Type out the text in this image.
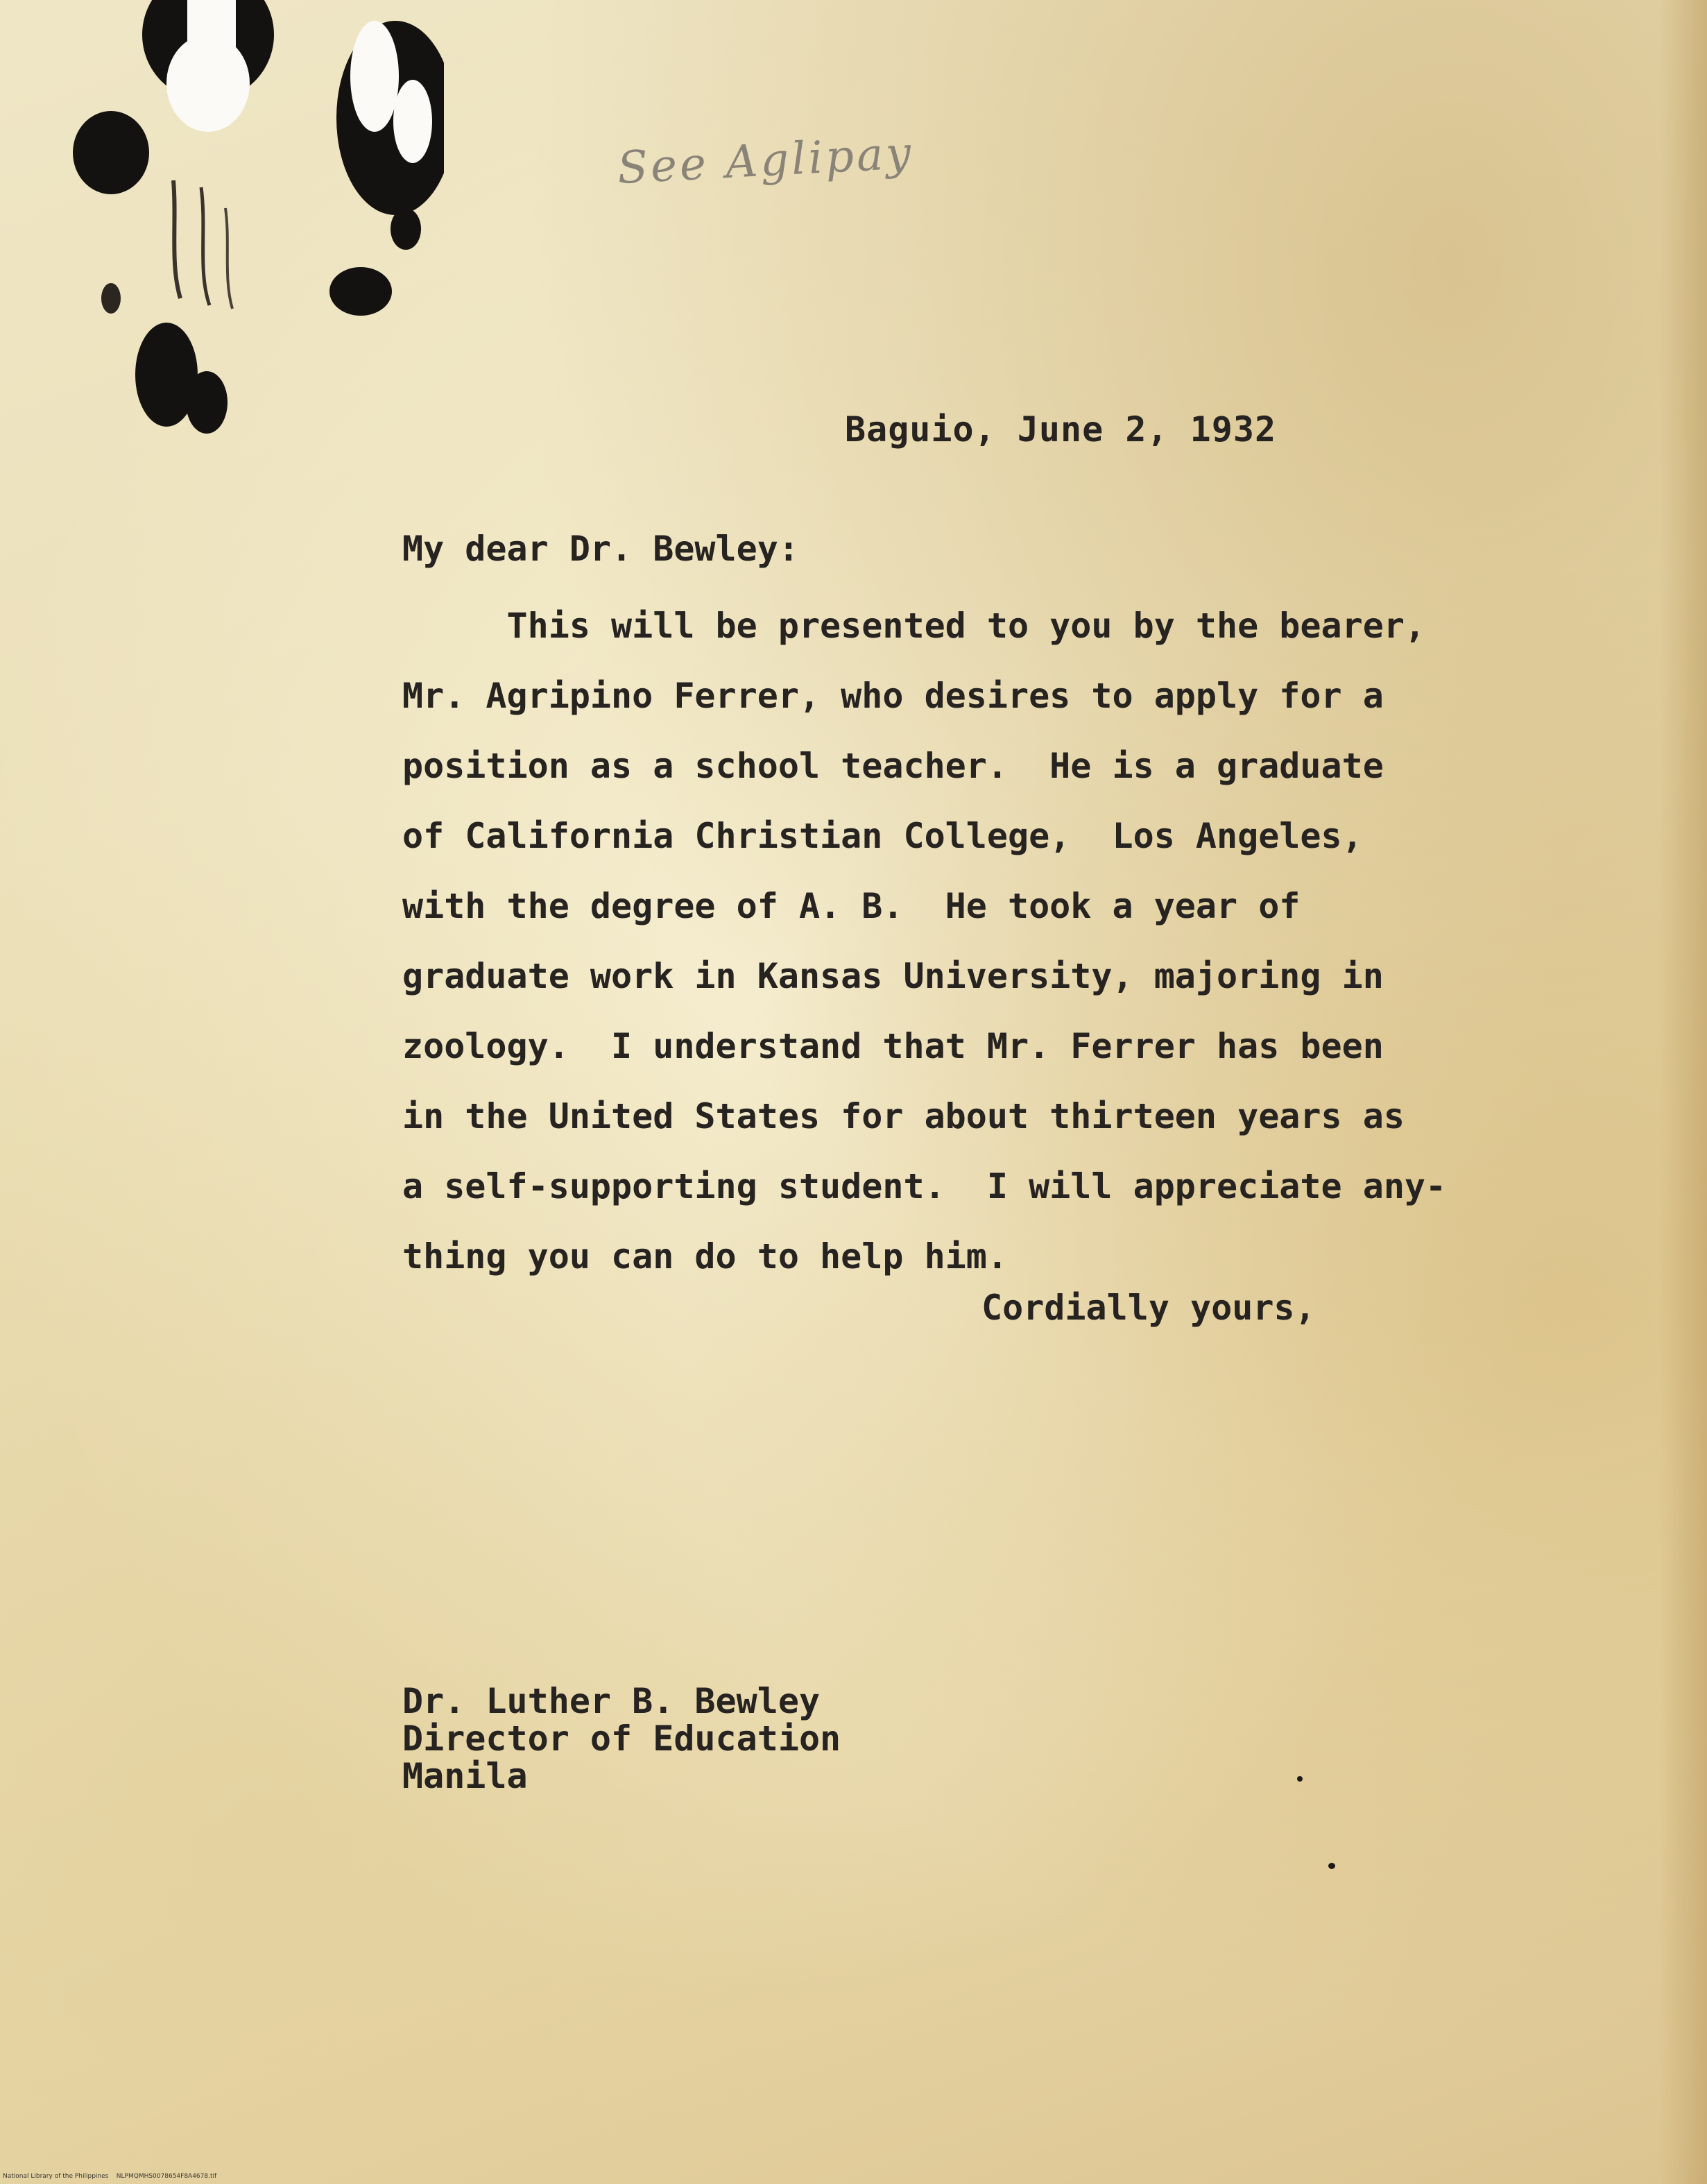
See Aglipay
Baguio, June 2, 1932
My dear Dr. Bewley:
This will be presented to you by the bearer,
Mr. Agripino Ferrer, who desires to apply for a
position as a school teacher.  He is a graduate
of California Christian College,  Los Angeles,
with the degree of A. B.  He took a year of
graduate work in Kansas University, majoring in
zoology.  I understand that Mr. Ferrer has been
in the United States for about thirteen years as
a self-supporting student.  I will appreciate any-
thing you can do to help him.
Cordially yours,
Dr. Luther B. Bewley
Director of Education
Manila
National Library of the Philippines    NLPMQMHS0078654F8A4678.tif
